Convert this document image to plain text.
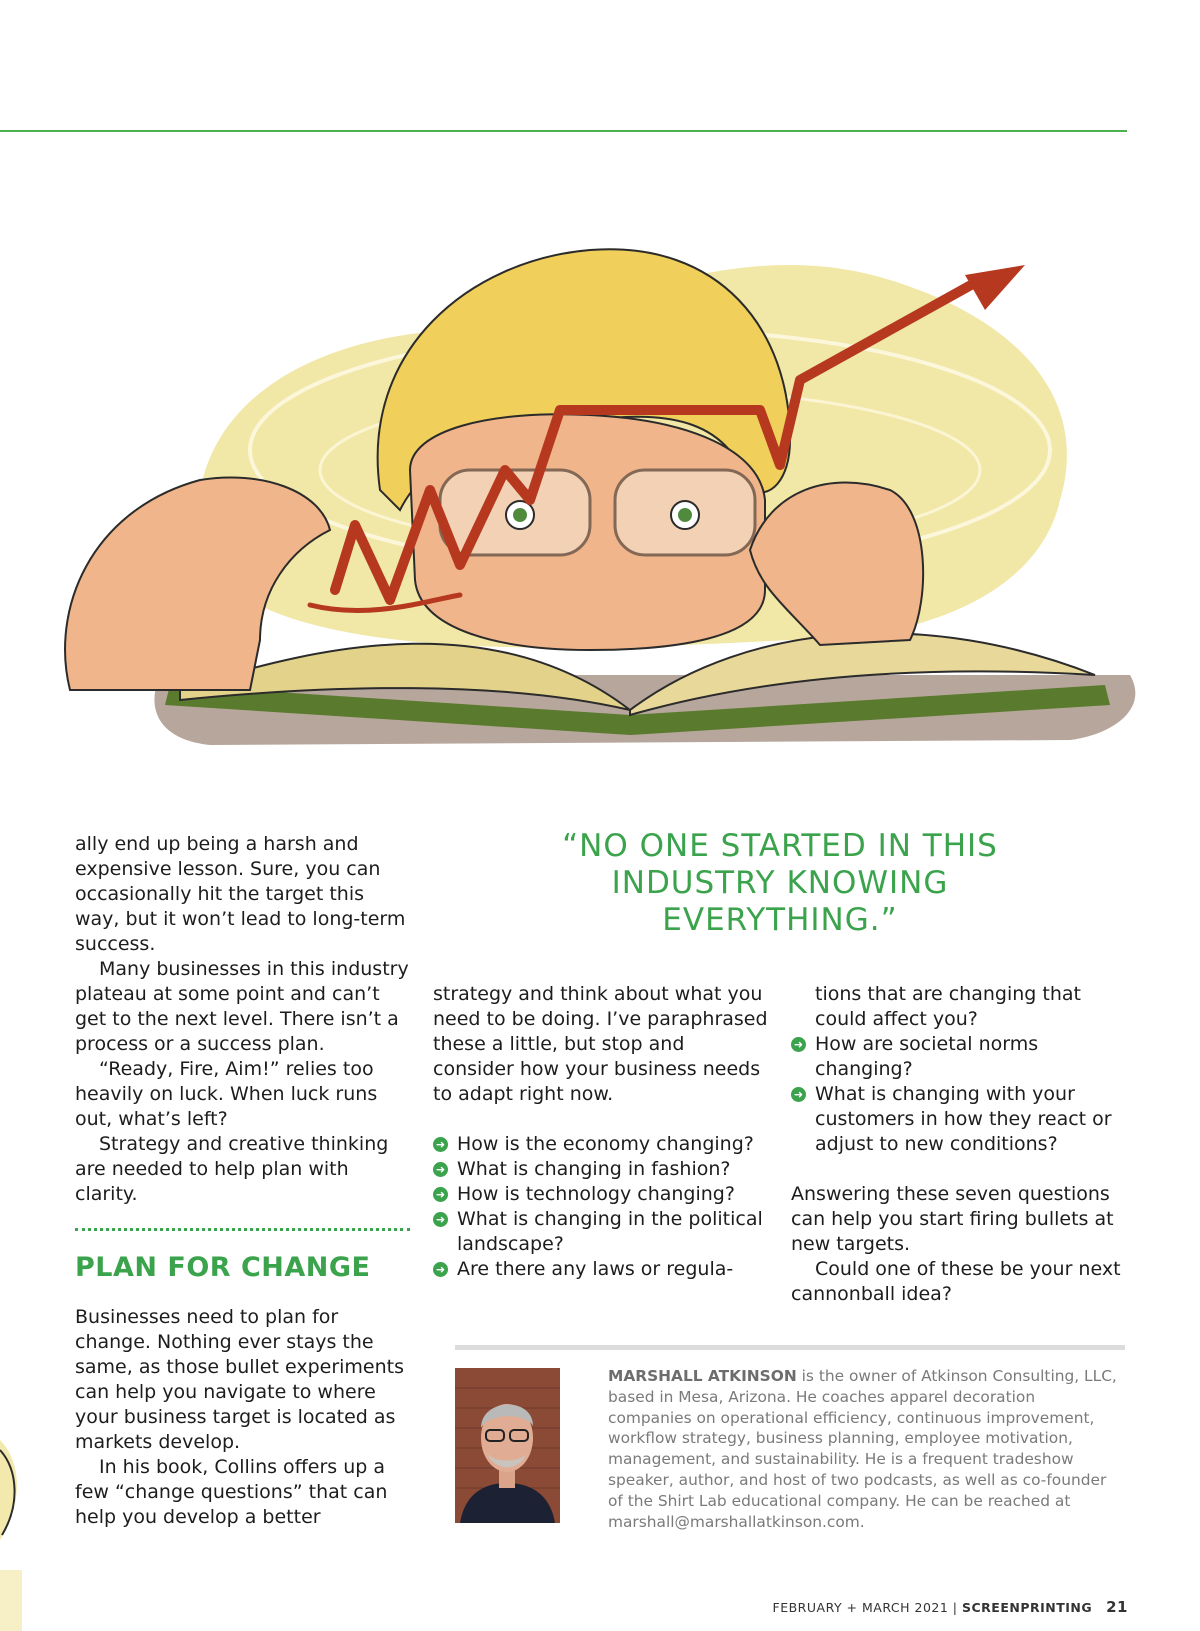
“NO ONE STARTED IN THIS INDUSTRY KNOWING EVERYTHING.”

ally end up being a harsh and expensive lesson. Sure, you can occasionally hit the target this way, but it won’t lead to long-term success.

Many businesses in this industry plateau at some point and can’t get to the next level. There isn’t a process or a success plan.

“Ready, Fire, Aim!” relies too heavily on luck. When luck runs out, what’s left?

Strategy and creative thinking are needed to help plan with clarity.

PLAN FOR CHANGE

Businesses need to plan for change. Nothing ever stays the same, as those bullet experiments can help you navigate to where your business target is located as markets develop.

In his book, Collins offers up a few “change questions” that can help you develop a better

strategy and think about what you need to be doing. I’ve paraphrased these a little, but stop and consider how your business needs to adapt right now.

➜ How is the economy changing?
➜ What is changing in fashion?
➜ How is technology changing?
➜ What is changing in the political landscape?
➜ Are there any laws or regula-
tions that are changing that could affect you?
➜ How are societal norms changing?
➜ What is changing with your customers in how they react or adjust to new conditions?

Answering these seven questions can help you start firing bullets at new targets.

Could one of these be your next cannonball idea?

MARSHALL ATKINSON is the owner of Atkinson Consulting, LLC, based in Mesa, Arizona. He coaches apparel decoration companies on operational efficiency, continuous improvement, workflow strategy, business planning, employee motivation, management, and sustainability. He is a frequent tradeshow speaker, author, and host of two podcasts, as well as co-founder of the Shirt Lab educational company. He can be reached at marshall@marshallatkinson.com.
FEBRUARY + MARCH 2021 | SCREENPRINTING 21
